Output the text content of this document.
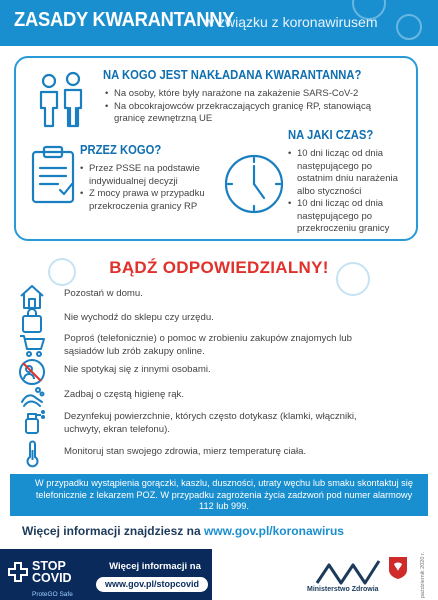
ZASADY KWARANTANNY
w związku z koronawirusem
NA KOGO JEST NAKŁADANA KWARANTANNA?
• Na osoby, które były narażone na zakażenie SARS-CoV-2
• Na obcokrajowców przekraczających granicę RP, stanowiącą granicę zewnętrzną UE
PRZEZ KOGO?
• Przez PSSE na podstawie indywidualnej decyzji
• Z mocy prawa w przypadku przekroczenia granicy RP
NA JAKI CZAS?
• 10 dni licząc od dnia następującego po ostatnim dniu narażenia albo styczności
• 10 dni licząc od dnia następującego po przekroczeniu granicy
BĄDŹ ODPOWIEDZIALNY!
Pozostań w domu.
Nie wychodź do sklepu czy urzędu.
Poproś (telefonicznie) o pomoc w zrobieniu zakupów znajomych lub sąsiadów lub zrób zakupy online.
Nie spotykaj się z innymi osobami.
Zadbaj o częstą higienę rąk.
Dezynfekuj powierzchnie, których często dotykasz (klamki, włączniki, uchwyty, ekran telefonu).
Monitoruj stan swojego zdrowia, mierz temperaturę ciała.
W przypadku wystąpienia gorączki, kaszlu, duszności, utraty węchu lub smaku skontaktuj się telefonicznie z lekarzem POZ. W przypadku zagrożenia życia zadzwoń pod numer alarmowy 112 lub 999.
Więcej informacji znajdziesz na www.gov.pl/koronawirus
STOP
COVID
ProteGO Safe
Więcej informacji na
www.gov.pl/stopcovid
Ministerstwo Zdrowia	październik 2020 r.
